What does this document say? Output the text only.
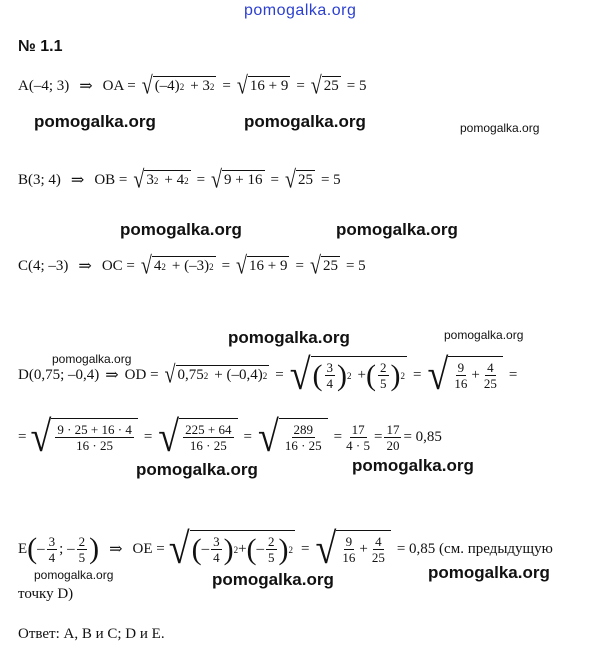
pomogalka.org
№ 1.1
A(–4; 3) ⇒ OA = √ (–4) 2 + 3 2 = √ 16 + 9 = √ 25 = 5
pomogalka.org	pomogalka.org	pomogalka.org
B(3; 4) ⇒ OB = √ 3 2 + 4 2 = √ 9 + 16 = √ 25 = 5
pomogalka.org	pomogalka.org
C(4; –3) ⇒ OC = √ 4 2 + (–3) 2 = √ 16 + 9 = √ 25 = 5
pomogalka.org	pomogalka.org
pomogalka.org
D(0,75; –0,4) ⇒ OD = √ 0,75 2 + (–0,4) 2 = √ ( $\frac{3}{4}$ ) 2 + ( $\frac{2}{5}$ ) 2 = √ $\frac{9}{16} + \frac{4}{25}$ =
= √ $\frac{9 \cdot 25 + 16 \cdot 4}{16 \cdot 25}$ = √ $\frac{225 + 64}{16 \cdot 25}$ = √ $\frac{289}{16 \cdot 25} = \frac{17}{4 \cdot 5} = \frac{17}{20} = 0,85$
pomogalka.org	pomogalka.org
E ( – $\frac{3}{4}$ ; – $\frac{2}{5}$ ) ⇒ OE = √ ( – $\frac{3}{4}$ ) 2 + ( – $\frac{2}{5}$ ) 2 = √ $\frac{9}{16} + \frac{4}{25} = 0,85$ (см. предыдущую
pomogalka.org	pomogalka.org	pomogalka.org
точку D)
Ответ: A, B и C; D и E.
